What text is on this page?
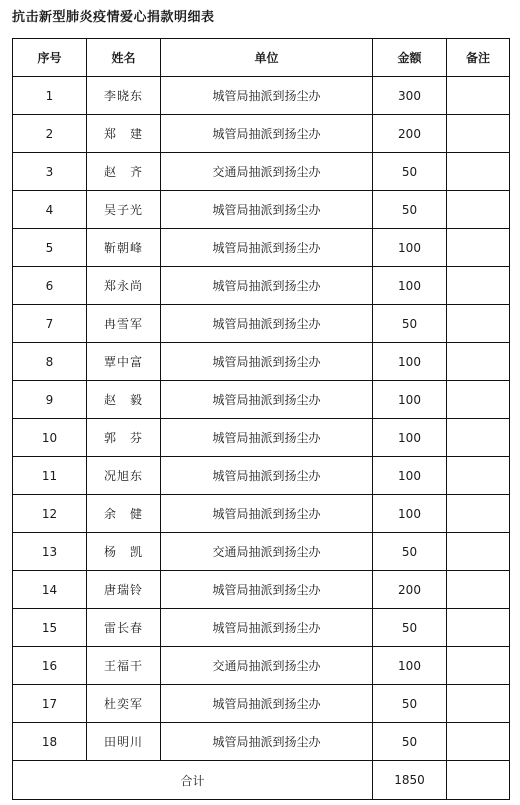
抗击新型肺炎疫情爱心捐款明细表
序号	姓名	单位	金额	备注
1	李晓东	城管局抽派到扬尘办	300	
2	郑　建	城管局抽派到扬尘办	200	
3	赵　齐	交通局抽派到扬尘办	50	
4	吴子光	城管局抽派到扬尘办	50	
5	靳朝峰	城管局抽派到扬尘办	100	
6	郑永尚	城管局抽派到扬尘办	100	
7	冉雪军	城管局抽派到扬尘办	50	
8	覃中富	城管局抽派到扬尘办	100	
9	赵　毅	城管局抽派到扬尘办	100	
10	郭　芬	城管局抽派到扬尘办	100	
11	况旭东	城管局抽派到扬尘办	100	
12	余　健	城管局抽派到扬尘办	100	
13	杨　凯	交通局抽派到扬尘办	50	
14	唐瑞铃	城管局抽派到扬尘办	200	
15	雷长春	城管局抽派到扬尘办	50	
16	王福干	交通局抽派到扬尘办	100	
17	杜奕军	城管局抽派到扬尘办	50	
18	田明川	城管局抽派到扬尘办	50	
合计			1850	
